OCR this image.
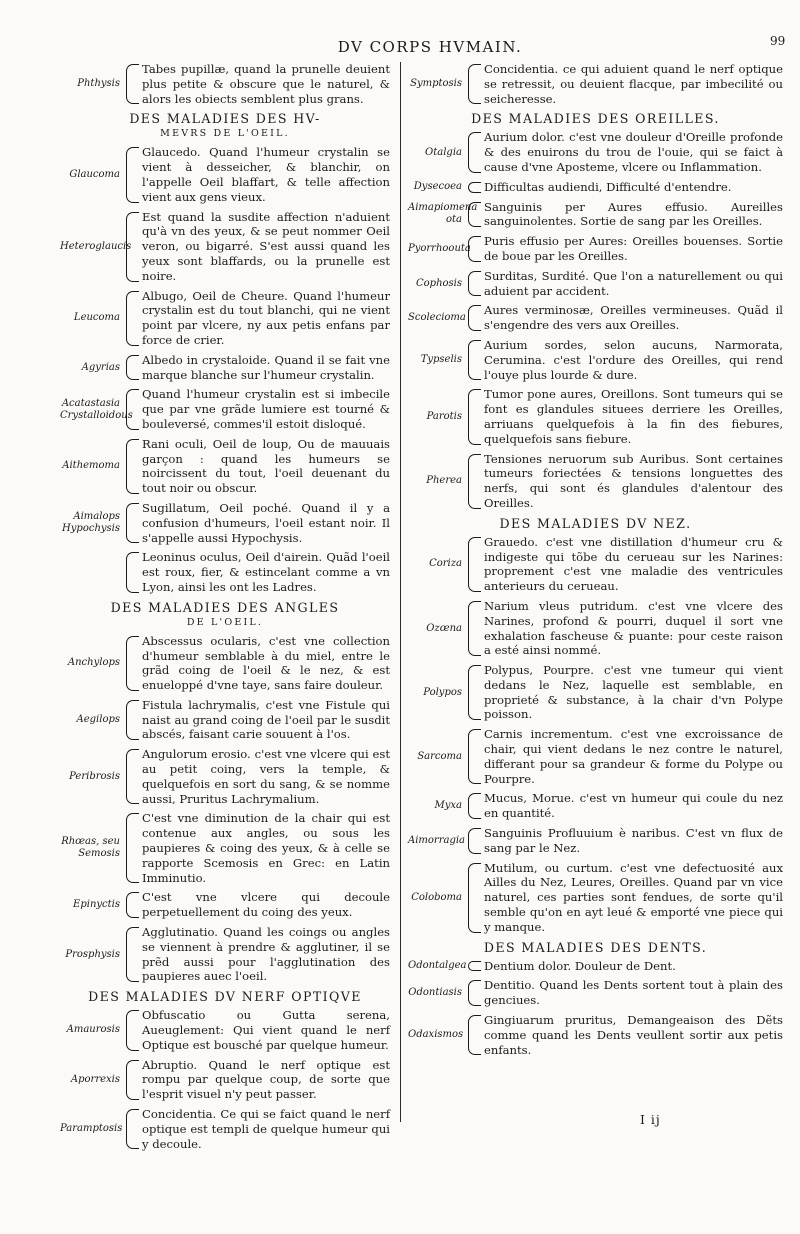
DV CORPS HVMAIN.	99
Phthysis
Tabes pupillæ, quand la prunelle deuient plus petite & obscure que le naturel, & alors les obiects semblent plus grans.
DES MALADIES DES HV-
MEVRS DE L'OEIL.
Glaucoma
Glaucedo. Quand l'humeur crystalin se vient à desseicher, & blanchir, on l'appelle Oeil blaffart, & telle affection vient aux gens vieux.
Heteroglaucis
Est quand la susdite affection n'aduient qu'à vn des yeux, & se peut nommer Oeil veron, ou bigarré. S'est aussi quand les yeux sont blaffards, ou la prunelle est noire.
Leucoma
Albugo, Oeil de Cheure. Quand l'humeur crystalin est du tout blanchi, qui ne vient point par vlcere, ny aux petis enfans par force de crier.
Agyrias
Albedo in crystaloide. Quand il se fait vne marque blanche sur l'humeur crystalin.
Acatastasia Crystalloidous
Quand l'humeur crystalin est si imbecile que par vne grãde lumiere est tourné & bouleversé, commes'il estoit disloqué.
Aithemoma
Rani oculi, Oeil de loup, Ou de mauuais garçon : quand les humeurs se noircissent du tout, l'oeil deuenant du tout noir ou obscur.
Aimalops Hypochysis
Sugillatum, Oeil poché. Quand il y a confusion d'humeurs, l'oeil estant noir. Il s'appelle aussi Hypochysis.
Leoninus oculus, Oeil d'airein. Quãd l'oeil est roux, fier, & estincelant comme a vn Lyon, ainsi les ont les Ladres.
DES MALADIES DES ANGLES
DE L'OEIL.
Anchylops
Abscessus ocularis, c'est vne collection d'humeur semblable à du miel, entre le grãd coing de l'oeil & le nez, & est enueloppé d'vne taye, sans faire douleur.
Aegilops
Fistula lachrymalis, c'est vne Fistule qui naist au grand coing de l'oeil par le susdit abscés, faisant carie souuent à l'os.
Peribrosis
Angulorum erosio. c'est vne vlcere qui est au petit coing, vers la temple, & quelquefois en sort du sang, & se nomme aussi, Pruritus Lachrymalium.
Rhœas, seu Semosis
C'est vne diminution de la chair qui est contenue aux angles, ou sous les paupieres & coing des yeux, & à celle se rapporte Scemosis en Grec: en Latin Imminutio.
Epinyctis
C'est vne vlcere qui decoule perpetuellement du coing des yeux.
Prosphysis
Agglutinatio. Quand les coings ou angles se viennent à prendre & agglutiner, il se prẽd aussi pour l'agglutination des paupieres auec l'oeil.
DES MALADIES DV NERF OPTIQVE
Amaurosis
Obfuscatio ou Gutta serena, Aueuglement: Qui vient quand le nerf Optique est bousché par quelque humeur.
Aporrexis
Abruptio. Quand le nerf optique est rompu par quelque coup, de sorte que l'esprit visuel n'y peut passer.
Paramptosis
Concidentia. Ce qui se faict quand le nerf optique est templi de quelque humeur qui y decoule.
Symptosis
Concidentia. ce qui aduient quand le nerf optique se retressit, ou deuient flacque, par imbecilité ou seicheresse.
DES MALADIES DES OREILLES.
Otalgia
Aurium dolor. c'est vne douleur d'Oreille profonde & des enuirons du trou de l'ouie, qui se faict à cause d'vne Aposteme, vlcere ou Inflammation.
Dysecoea	Difficultas audiendi, Difficulté d'entendre.
Aimapiomena ota
Sanguinis per Aures effusio. Aureilles sanguinolentes. Sortie de sang par les Oreilles.
Pyorrhoouta
Puris effusio per Aures: Oreilles bouenses. Sortie de boue par les Oreilles.
Cophosis
Surditas, Surdité. Que l'on a naturellement ou qui aduient par accident.
Scolecioma
Aures verminosæ, Oreilles vermineuses. Quãd il s'engendre des vers aux Oreilles.
Typselis
Aurium sordes, selon aucuns, Narmorata, Cerumina. c'est l'ordure des Oreilles, qui rend l'ouye plus lourde & dure.
Parotis
Tumor pone aures, Oreillons. Sont tumeurs qui se font es glandules situees derriere les Oreilles, arriuans quelquefois à la fin des fiebures, quelquefois sans fiebure.
Pherea
Tensiones neruorum sub Auribus. Sont certaines tumeurs foriectées & tensions longuettes des nerfs, qui sont és glandules d'alentour des Oreilles.
DES MALADIES DV NEZ.
Coriza
Grauedo. c'est vne distillation d'humeur cru & indigeste qui tõbe du cerueau sur les Narines: proprement c'est vne maladie des ventricules anterieurs du cerueau.
Ozœna
Narium vleus putridum. c'est vne vlcere des Narines, profond & pourri, duquel il sort vne exhalation fascheuse & puante: pour ceste raison a esté ainsi nommé.
Polypos
Polypus, Pourpre. c'est vne tumeur qui vient dedans le Nez, laquelle est semblable, en proprieté & substance, à la chair d'vn Polype poisson.
Sarcoma
Carnis incrementum. c'est vne excroissance de chair, qui vient dedans le nez contre le naturel, differant pour sa grandeur & forme du Polype ou Pourpre.
Myxa
Mucus, Morue. c'est vn humeur qui coule du nez en quantité.
Aimorragia
Sanguinis Profluuium è naribus. C'est vn flux de sang par le Nez.
Coloboma
Mutilum, ou curtum. c'est vne defectuosité aux Ailles du Nez, Leures, Oreilles. Quand par vn vice naturel, ces parties sont fendues, de sorte qu'il semble qu'on en ayt leué & emporté vne piece qui y manque.
DES MALADIES DES DENTS.
Odontalgea Dentium dolor. Douleur de Dent.
Odontiasis
Dentitio. Quand les Dents sortent tout à plain des genciues.
Odaxismos
Gingiuarum pruritus, Demangeaison des Dẽts comme quand les Dents veullent sortir aux petis enfants.
I ij
